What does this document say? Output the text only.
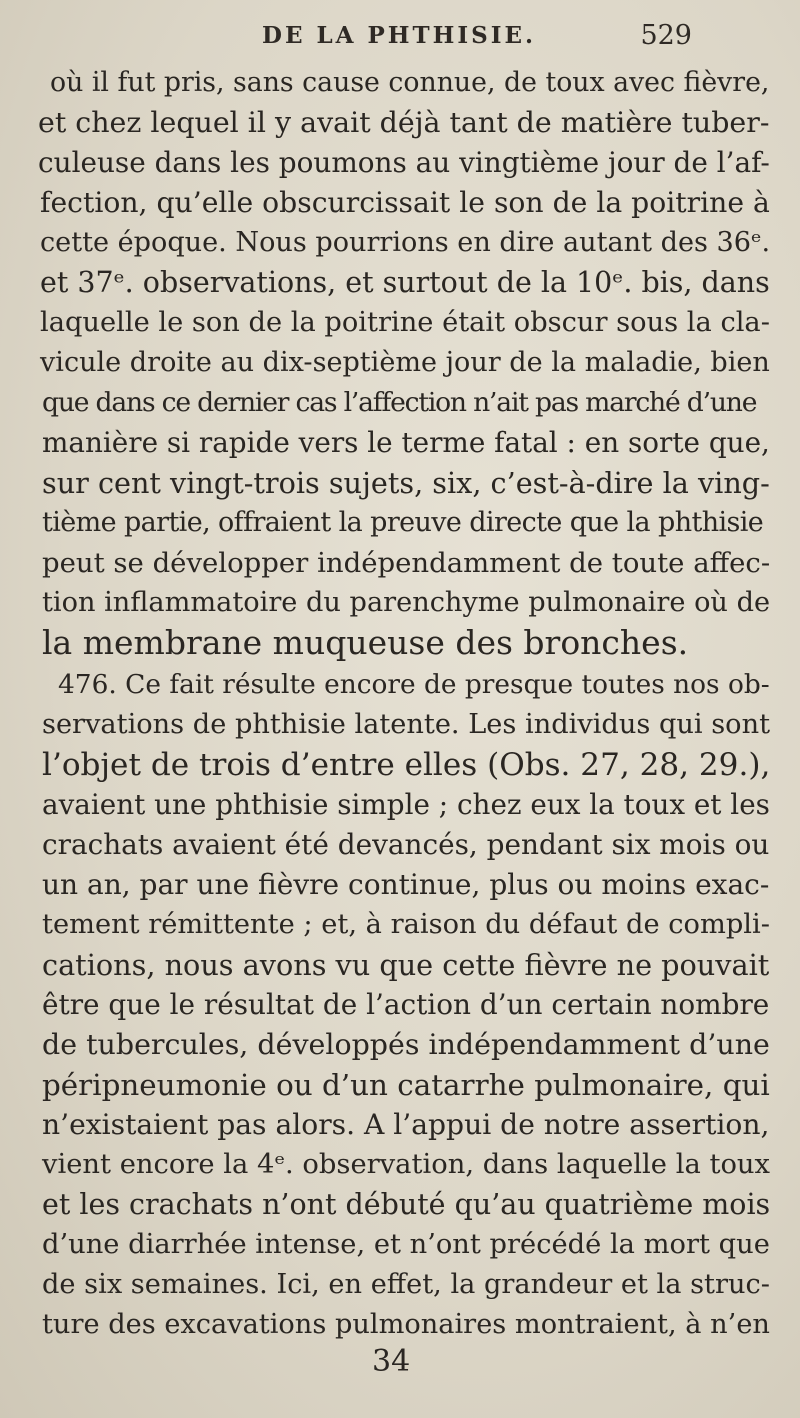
DE LA PHTHISIE.	529
où il fut pris, sans cause connue, de toux avec fièvre,
et chez lequel il y avait déjà tant de matière tuber-
culeuse dans les poumons au vingtième jour de l’af-
fection, qu’elle obscurcissait le son de la poitrine à
cette époque. Nous pourrions en dire autant des 36ᵉ.
et 37ᵉ. observations, et surtout de la 10ᵉ. bis, dans
laquelle le son de la poitrine était obscur sous la cla-
vicule droite au dix-septième jour de la maladie, bien
que dans ce dernier cas l’affection n’ait pas marché d’une
manière si rapide vers le terme fatal : en sorte que,
sur cent vingt-trois sujets, six, c’est-à-dire la ving-
tième partie, offraient la preuve directe que la phthisie
peut se développer indépendamment de toute affec-
tion inflammatoire du parenchyme pulmonaire où de
la membrane muqueuse des bronches.
476. Ce fait résulte encore de presque toutes nos ob-
servations de phthisie latente. Les individus qui sont
l’objet de trois d’entre elles (Obs. 27, 28, 29.),
avaient une phthisie simple ; chez eux la toux et les
crachats avaient été devancés, pendant six mois ou
un an, par une fièvre continue, plus ou moins exac-
tement rémittente ; et, à raison du défaut de compli-
cations, nous avons vu que cette fièvre ne pouvait
être que le résultat de l’action d’un certain nombre
de tubercules, développés indépendamment d’une
péripneumonie ou d’un catarrhe pulmonaire, qui
n’existaient pas alors. A l’appui de notre assertion,
vient encore la 4ᵉ. observation, dans laquelle la toux
et les crachats n’ont débuté qu’au quatrième mois
d’une diarrhée intense, et n’ont précédé la mort que
de six semaines. Ici, en effet, la grandeur et la struc-
ture des excavations pulmonaires montraient, à n’en
34
